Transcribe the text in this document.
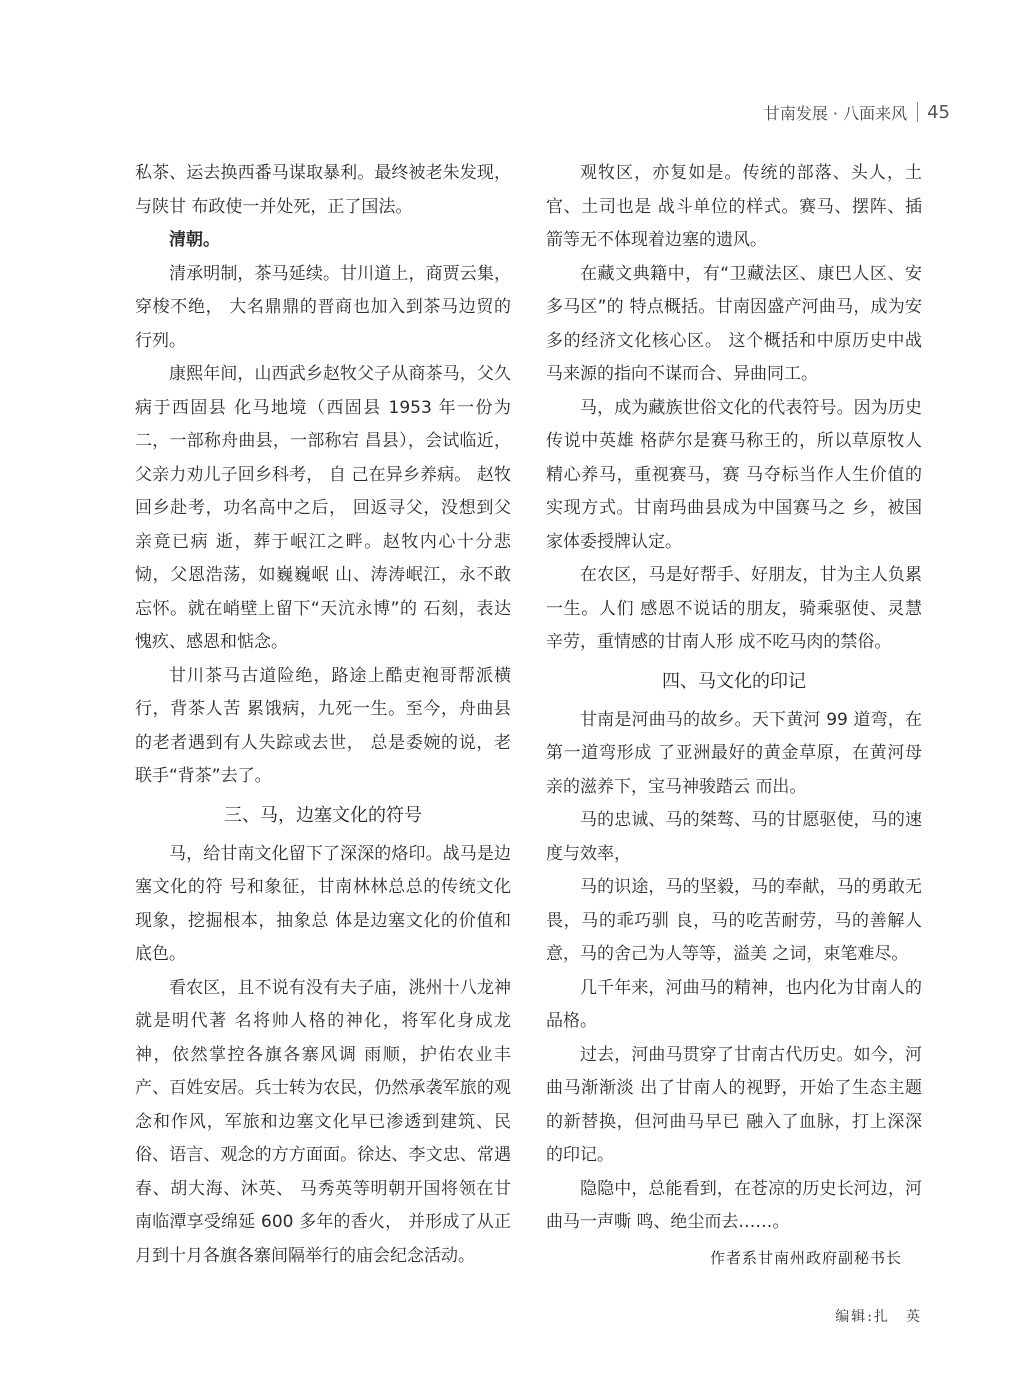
甘南发展 · 八面来风 45

私茶、运去换西番马谋取暴利。最终被老朱发现，与陕甘 布政使一并处死，正了国法。

清朝。

清承明制，茶马延续。甘川道上，商贾云集，穿梭不绝， 大名鼎鼎的晋商也加入到茶马边贸的行列。

康熙年间，山西武乡赵牧父子从商茶马，父久病于西固县 化马地境（西固县 1953 年一份为二，一部称舟曲县，一部称宕 昌县），会试临近，父亲力劝儿子回乡科考， 自 己在异乡养病。 赵牧回乡赴考，功名高中之后， 回返寻父，没想到父亲竟已病 逝，葬于岷江之畔。赵牧内心十分悲恸，父恩浩荡，如巍巍岷 山、涛涛岷江，永不敢忘怀。就在峭壁上留下“天沆永博”的 石刻，表达愧疚、感恩和惦念。

甘川茶马古道险绝，路途上酷吏袍哥帮派横行，背茶人苦 累饿病，九死一生。至今，舟曲县的老者遇到有人失踪或去世， 总是委婉的说，老联手“背茶”去了。

三、马，边塞文化的符号

马，给甘南文化留下了深深的烙印。战马是边塞文化的符 号和象征，甘南林林总总的传统文化现象，挖掘根本，抽象总 体是边塞文化的价值和底色。

看农区，且不说有没有夫子庙，洮州十八龙神就是明代著 名将帅人格的神化，将军化身成龙神，依然掌控各旗各寨风调 雨顺，护佑农业丰产、百姓安居。兵士转为农民，仍然承袭军旅的观念和作风，军旅和边塞文化早已渗透到建筑、民俗、语言、观念的方方面面。徐达、李文忠、常遇春、胡大海、沐英、 马秀英等明朝开国将领在甘南临潭享受绵延 600 多年的香火， 并形成了从正月到十月各旗各寨间隔举行的庙会纪念活动。

观牧区，亦复如是。传统的部落、头人，土官、土司也是 战斗单位的样式。赛马、摆阵、插箭等无不体现着边塞的遗风。

在藏文典籍中，有“卫藏法区、康巴人区、安多马区”的 特点概括。甘南因盛产河曲马，成为安多的经济文化核心区。 这个概括和中原历史中战马来源的指向不谋而合、异曲同工。

马，成为藏族世俗文化的代表符号。因为历史传说中英雄 格萨尔是赛马称王的，所以草原牧人精心养马，重视赛马，赛 马夺标当作人生价值的实现方式。甘南玛曲县成为中国赛马之 乡，被国家体委授牌认定。

在农区，马是好帮手、好朋友，甘为主人负累一生。人们 感恩不说话的朋友，骑乘驱使、灵慧辛劳，重情感的甘南人形 成不吃马肉的禁俗。

四、马文化的印记

甘南是河曲马的故乡。天下黄河 99 道弯，在第一道弯形成 了亚洲最好的黄金草原，在黄河母亲的滋养下，宝马神骏踏云 而出。

马的忠诚、马的桀骜、马的甘愿驱使，马的速度与效率，

马的识途，马的坚毅，马的奉献，马的勇敢无畏，马的乖巧驯 良，马的吃苦耐劳，马的善解人意，马的舍己为人等等，溢美 之词，束笔难尽。

几千年来，河曲马的精神，也内化为甘南人的品格。

过去，河曲马贯穿了甘南古代历史。如今，河曲马渐渐淡 出了甘南人的视野，开始了生态主题的新替换，但河曲马早已 融入了血脉，打上深深的印记。

隐隐中，总能看到，在苍凉的历史长河边，河曲马一声嘶 鸣、绝尘而去……。

作者系甘南州政府副秘书长

编辑:扎　英
